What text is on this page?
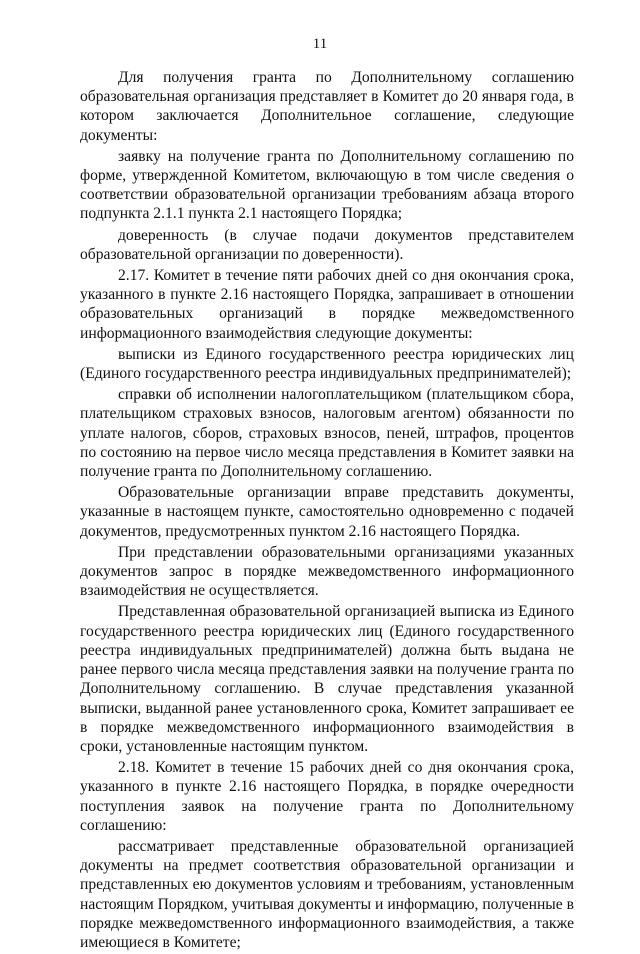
11

Для получения гранта по Дополнительному соглашению образовательная организация представляет в Комитет до 20 января года, в котором заключается Дополнительное соглашение, следующие документы:

заявку на получение гранта по Дополнительному соглашению по форме, утвержденной Комитетом, включающую в том числе сведения о соответствии образовательной организации требованиям абзаца второго подпункта 2.1.1 пункта 2.1 настоящего Порядка;

доверенность (в случае подачи документов представителем образовательной организации по доверенности).

2.17. Комитет в течение пяти рабочих дней со дня окончания срока, указанного в пункте 2.16 настоящего Порядка, запрашивает в отношении образовательных организаций в порядке межведомственного информационного взаимодействия следующие документы:

выписки из Единого государственного реестра юридических лиц (Единого государственного реестра индивидуальных предпринимателей);

справки об исполнении налогоплательщиком (плательщиком сбора, плательщиком страховых взносов, налоговым агентом) обязанности по уплате налогов, сборов, страховых взносов, пеней, штрафов, процентов по состоянию на первое число месяца представления в Комитет заявки на получение гранта по Дополнительному соглашению.

Образовательные организации вправе представить документы, указанные в настоящем пункте, самостоятельно одновременно с подачей документов, предусмотренных пунктом 2.16 настоящего Порядка.

При представлении образовательными организациями указанных документов запрос в порядке межведомственного информационного взаимодействия не осуществляется.

Представленная образовательной организацией выписка из Единого государственного реестра юридических лиц (Единого государственного реестра индивидуальных предпринимателей) должна быть выдана не ранее первого числа месяца представления заявки на получение гранта по Дополнительному соглашению. В случае представления указанной выписки, выданной ранее установленного срока, Комитет запрашивает ее в порядке межведомственного информационного взаимодействия в сроки, установленные настоящим пунктом.

2.18. Комитет в течение 15 рабочих дней со дня окончания срока, указанного в пункте 2.16 настоящего Порядка, в порядке очередности поступления заявок на получение гранта по Дополнительному соглашению:

рассматривает представленные образовательной организацией документы на предмет соответствия образовательной организации и представленных ею документов условиям и требованиям, установленным настоящим Порядком, учитывая документы и информацию, полученные в порядке межведомственного информационного взаимодействия, а также имеющиеся в Комитете;
